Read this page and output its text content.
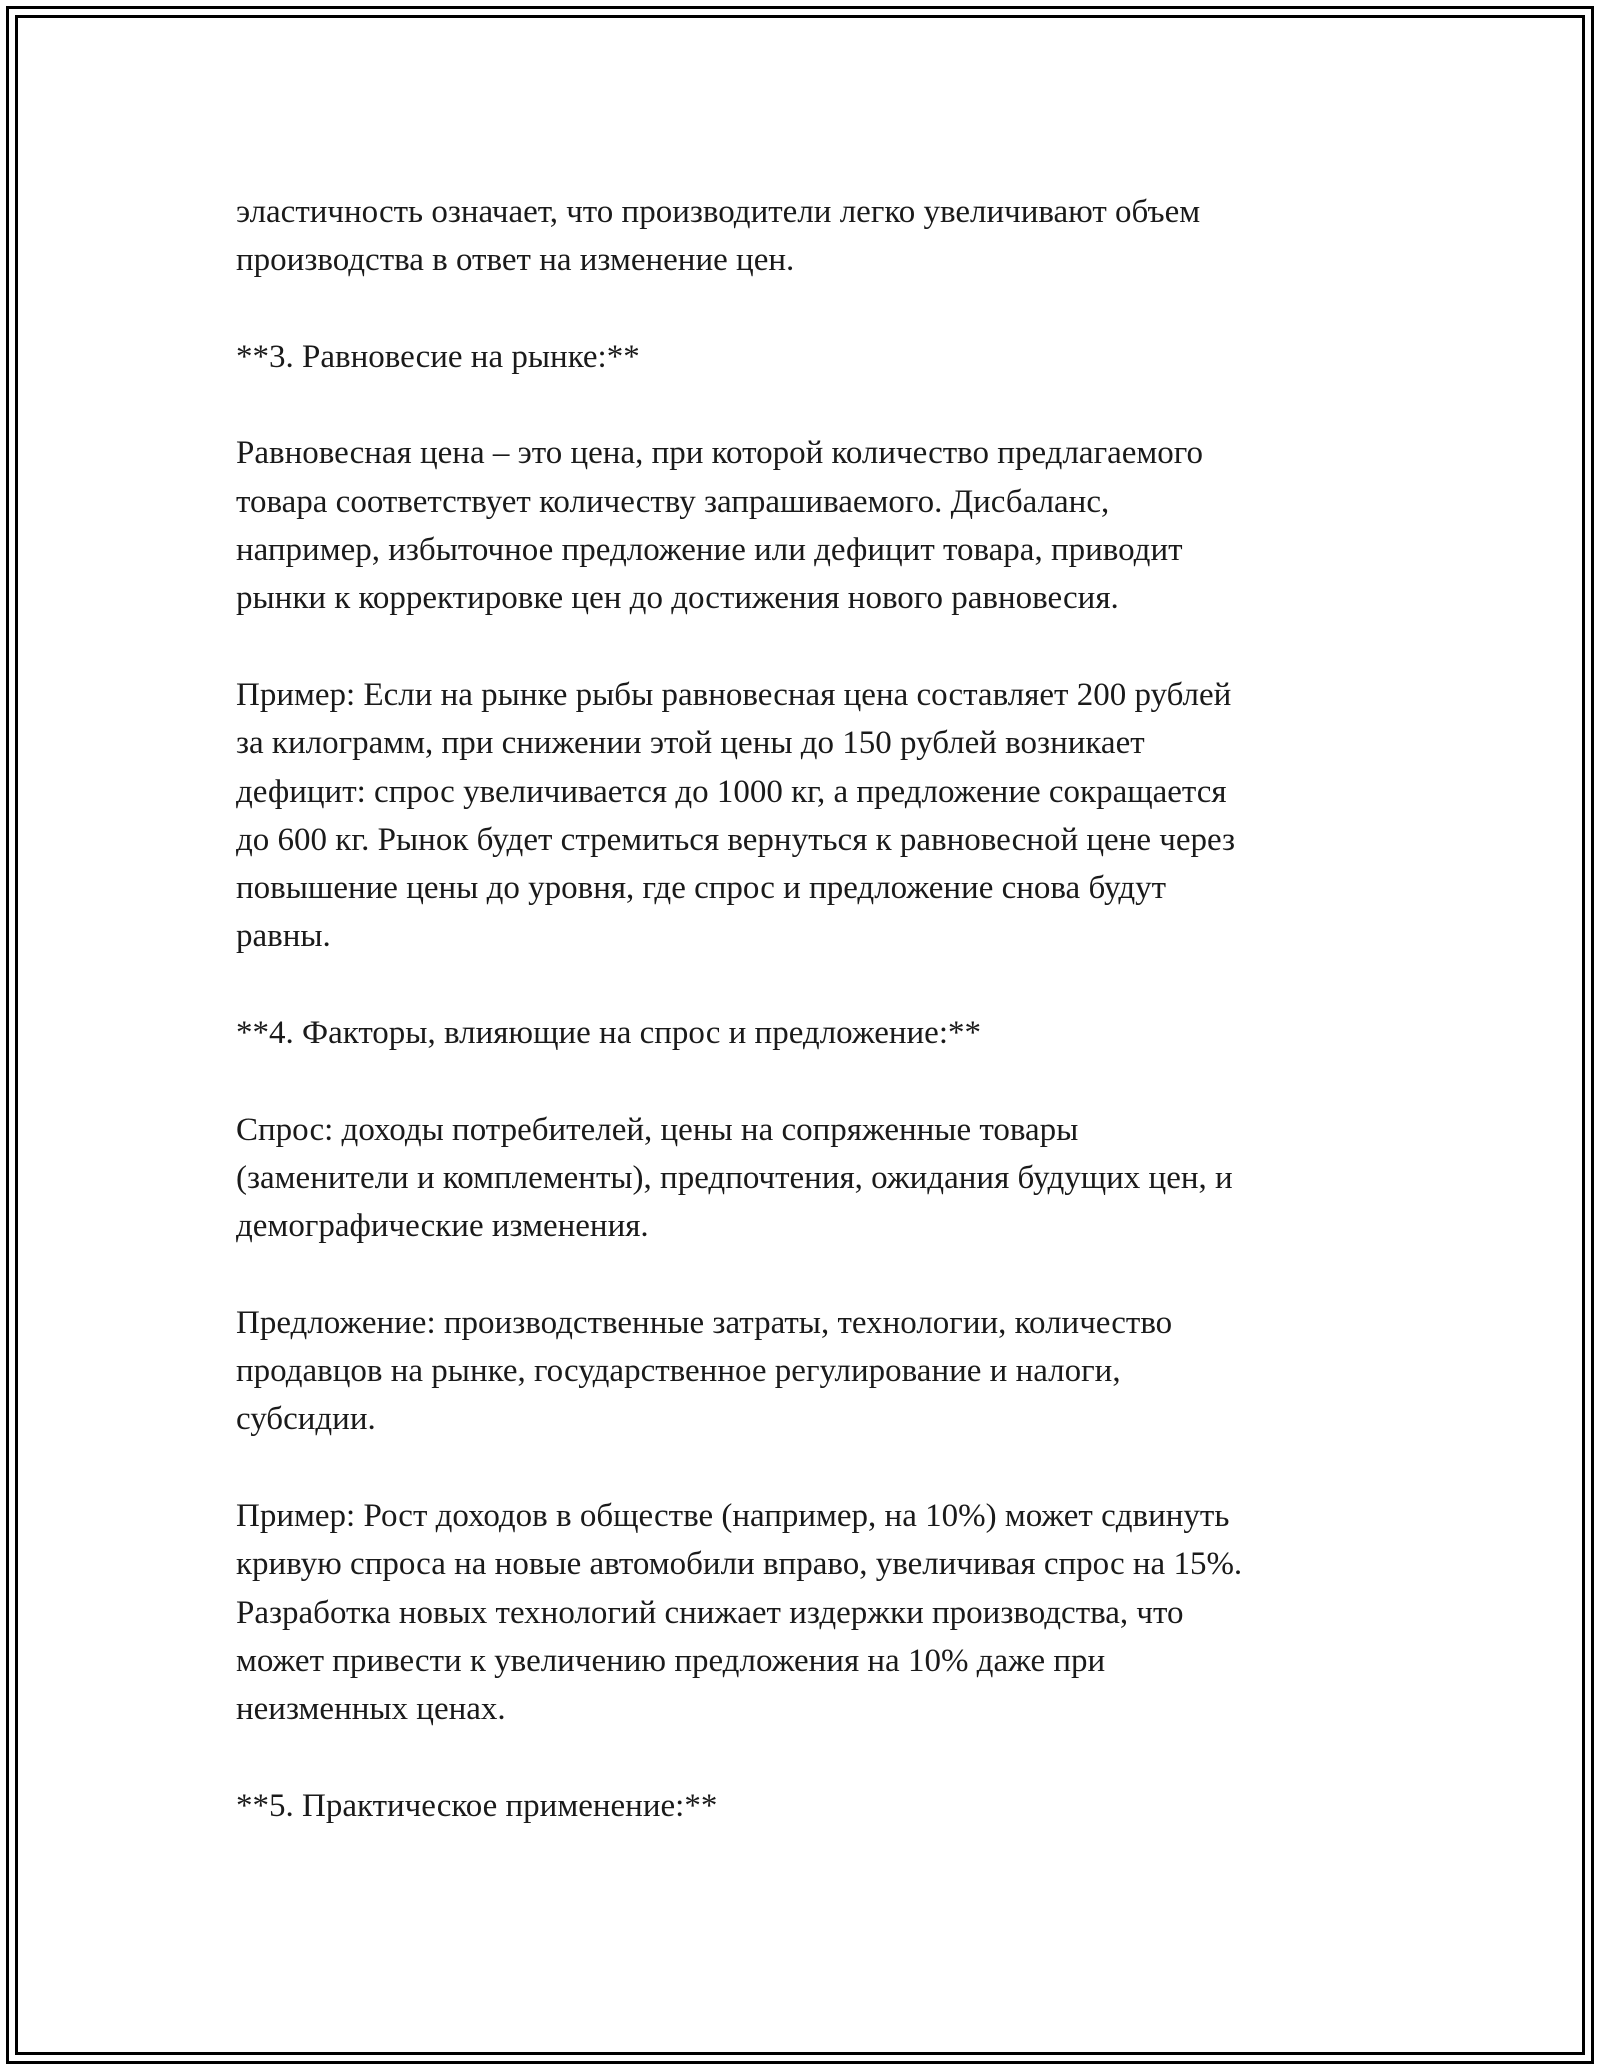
эластичность означает, что производители легко увеличивают объем
производства в ответ на изменение цен.

**3. Равновесие на рынке:**

Равновесная цена – это цена, при которой количество предлагаемого
товара соответствует количеству запрашиваемого. Дисбаланс,
например, избыточное предложение или дефицит товара, приводит
рынки к корректировке цен до достижения нового равновесия.

Пример: Если на рынке рыбы равновесная цена составляет 200 рублей
за килограмм, при снижении этой цены до 150 рублей возникает
дефицит: спрос увеличивается до 1000 кг, а предложение сокращается
до 600 кг. Рынок будет стремиться вернуться к равновесной цене через
повышение цены до уровня, где спрос и предложение снова будут
равны.

**4. Факторы, влияющие на спрос и предложение:**

Спрос: доходы потребителей, цены на сопряженные товары
(заменители и комплементы), предпочтения, ожидания будущих цен, и
демографические изменения.

Предложение: производственные затраты, технологии, количество
продавцов на рынке, государственное регулирование и налоги,
субсидии.

Пример: Рост доходов в обществе (например, на 10%) может сдвинуть
кривую спроса на новые автомобили вправо, увеличивая спрос на 15%.
Разработка новых технологий снижает издержки производства, что
может привести к увеличению предложения на 10% даже при
неизменных ценах.

**5. Практическое применение:**
